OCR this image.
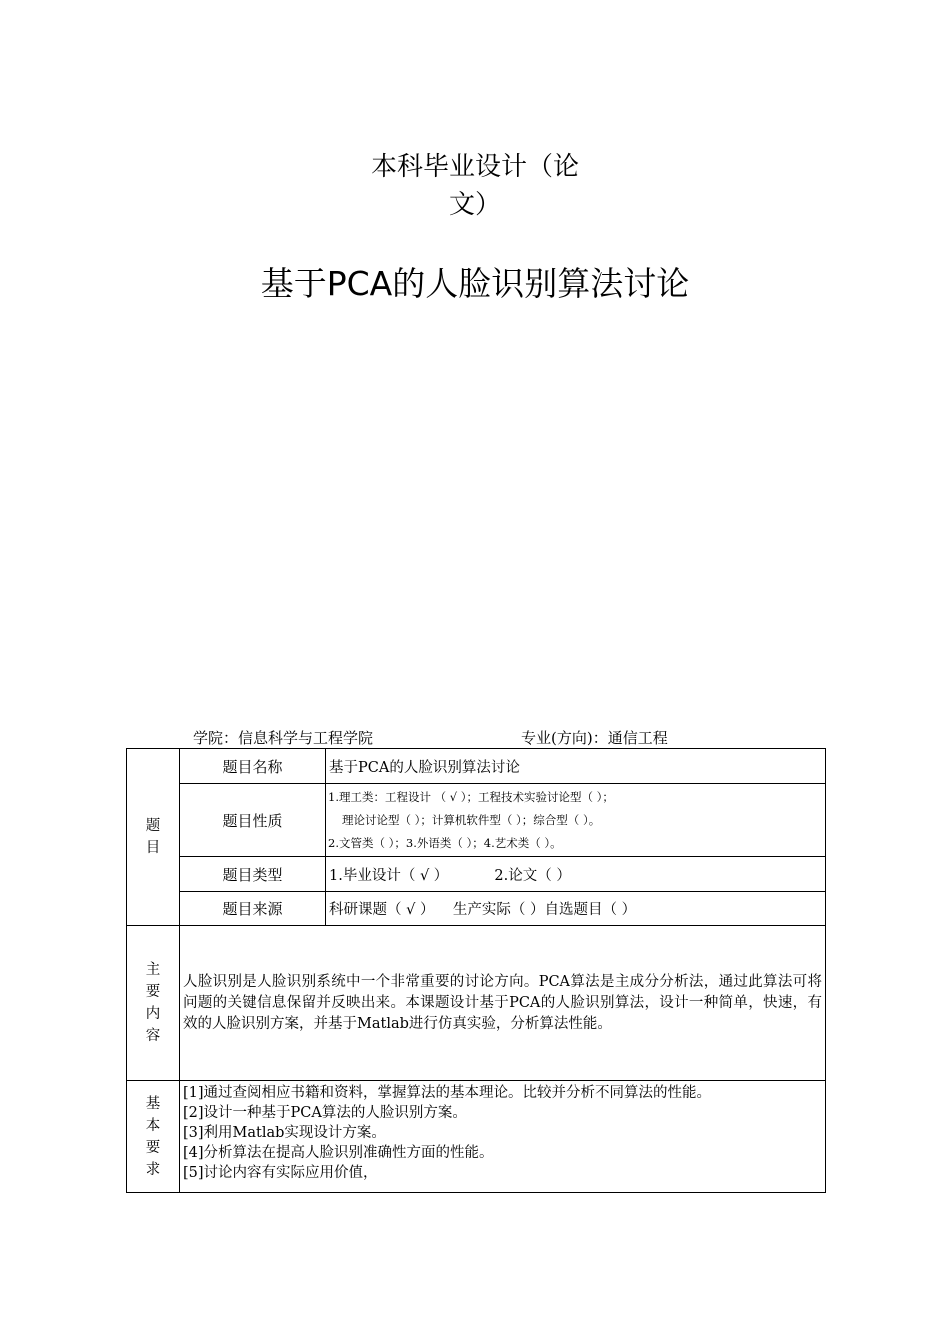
本科毕业设计（论
文）
基于PCA的人脸识别算法讨论
学院：信息科学与工程学院	专业(方向)：通信工程
题
目	题目名称	基于PCA的人脸识别算法讨论
	题目性质	1.理工类：工程设计 （ √ ）；工程技术实验讨论型（ ）；
理论讨论型（ ）；计算机软件型（ ）；综合型（ ）。
2.文管类（ ）；3.外语类（ ）；4.艺术类（ ）。

	题目类型	1.毕业设计（ √ ）          2.论文（ ）
	题目来源	科研课题（ √ ）    生产实际（ ）自选题目（ ）

主
要
内
容	人脸识别是人脸识别系统中一个非常重要的讨论方向。PCA算法是主成分分析法，通过此算法可将问题的关键信息保留并反映出来。本课题设计基于PCA的人脸识别算法，设计一种简单，快速，有效的人脸识别方案，并基于Matlab进行仿真实验，分析算法性能。	

基
本
要
求	[1]通过查阅相应书籍和资料，掌握算法的基本理论。比较并分析不同算法的性能。
[2]设计一种基于PCA算法的人脸识别方案。
[3]利用Matlab实现设计方案。
[4]分析算法在提高人脸识别准确性方面的性能。
[5]讨论内容有实际应用价值，	
